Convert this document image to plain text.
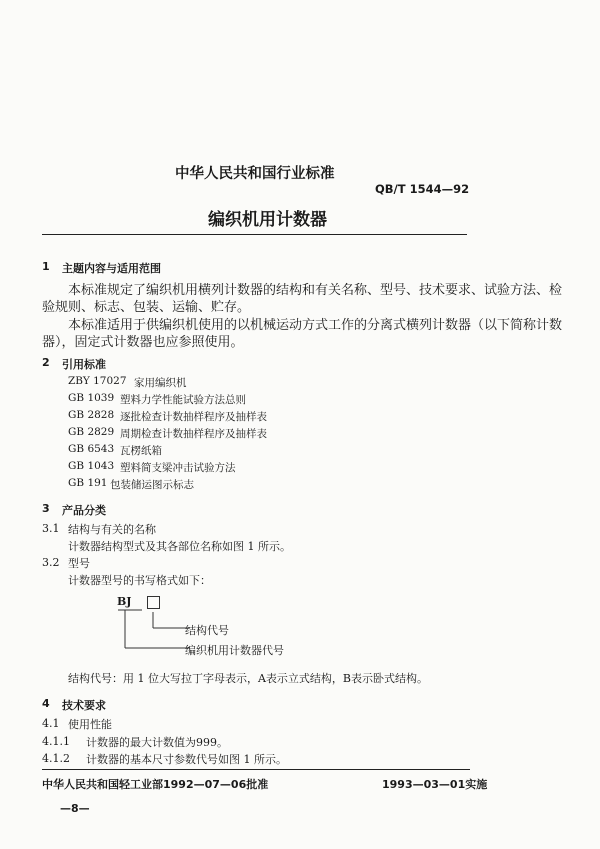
中华人民共和国行业标准
QB/T 1544—92
编织机用计数器
1 主题内容与适用范围
本标准规定了编织机用横列计数器的结构和有关名称、型号、技术要求、试验方法、检
验规则、标志、包装、运输、贮存。
本标准适用于供编织机使用的以机械运动方式工作的分离式横列计数器（以下简称计数
器），固定式计数器也应参照使用。
2 引用标准
ZBY 17027 家用编织机
GB 1039 塑料力学性能试验方法总则
GB 2828 逐批检查计数抽样程序及抽样表
GB 2829 周期检查计数抽样程序及抽样表
GB 6543 瓦楞纸箱
GB 1043 塑料简支梁冲击试验方法
GB 191 包装储运图示标志
3 产品分类
3.1 结构与有关的名称
计数器结构型式及其各部位名称如图 1 所示。
3.2 型号
计数器型号的书写格式如下：
BJ
结构代号
编织机用计数器代号
结构代号：用 1 位大写拉丁字母表示，A表示立式结构，B表示卧式结构。
4 技术要求
4.1 使用性能
4.1.1 计数器的最大计数值为999。
4.1.2 计数器的基本尺寸参数代号如图 1 所示。
中华人民共和国轻工业部1992—07—06批准	1993—03—01实施
—8—
